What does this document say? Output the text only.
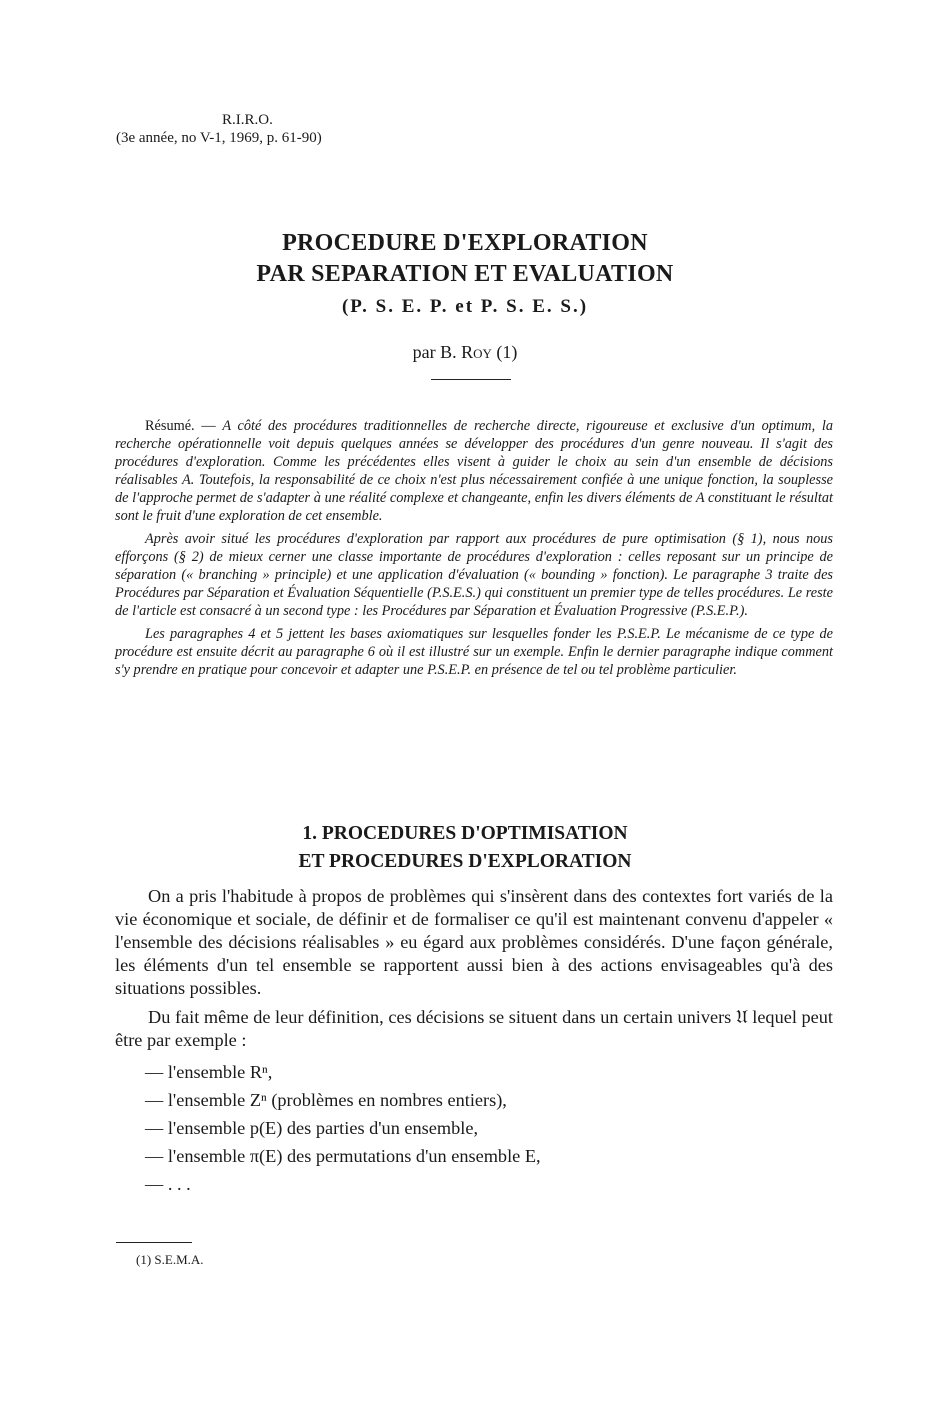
R.I.R.O.
(3e année, no V-1, 1969, p. 61-90)
PROCEDURE D'EXPLORATION
PAR SEPARATION ET EVALUATION
(P. S. E. P. et P. S. E. S.)
par B. Roy (1)

Résumé. — A côté des procédures traditionnelles de recherche directe, rigoureuse et exclusive d'un optimum, la recherche opérationnelle voit depuis quelques années se développer des procédures d'un genre nouveau. Il s'agit des procédures d'exploration. Comme les précédentes elles visent à guider le choix au sein d'un ensemble de décisions réalisables A. Toutefois, la responsabilité de ce choix n'est plus nécessairement confiée à une unique fonction, la souplesse de l'approche permet de s'adapter à une réalité complexe et changeante, enfin les divers éléments de A constituant le résultat sont le fruit d'une exploration de cet ensemble.

Après avoir situé les procédures d'exploration par rapport aux procédures de pure optimisation (§ 1), nous nous efforçons (§ 2) de mieux cerner une classe importante de procédures d'exploration : celles reposant sur un principe de séparation (« branching » principle) et une application d'évaluation (« bounding » fonction). Le paragraphe 3 traite des Procédures par Séparation et Évaluation Séquentielle (P.S.E.S.) qui constituent un premier type de telles procédures. Le reste de l'article est consacré à un second type : les Procédures par Séparation et Évaluation Progressive (P.S.E.P.).

Les paragraphes 4 et 5 jettent les bases axiomatiques sur lesquelles fonder les P.S.E.P. Le mécanisme de ce type de procédure est ensuite décrit au paragraphe 6 où il est illustré sur un exemple. Enfin le dernier paragraphe indique comment s'y prendre en pratique pour concevoir et adapter une P.S.E.P. en présence de tel ou tel problème particulier.

1. PROCEDURES D'OPTIMISATION
ET PROCEDURES D'EXPLORATION

On a pris l'habitude à propos de problèmes qui s'insèrent dans des contextes fort variés de la vie économique et sociale, de définir et de formaliser ce qu'il est maintenant convenu d'appeler « l'ensemble des décisions réalisables » eu égard aux problèmes considérés. D'une façon générale, les éléments d'un tel ensemble se rapportent aussi bien à des actions envisageables qu'à des situations possibles.

Du fait même de leur définition, ces décisions se situent dans un certain univers 𝔘 lequel peut être par exemple :

— l'ensemble Rⁿ,
— l'ensemble Zⁿ (problèmes en nombres entiers),
— l'ensemble p(E) des parties d'un ensemble,
— l'ensemble π(E) des permutations d'un ensemble E,
— . . .
(1) S.E.M.A.
